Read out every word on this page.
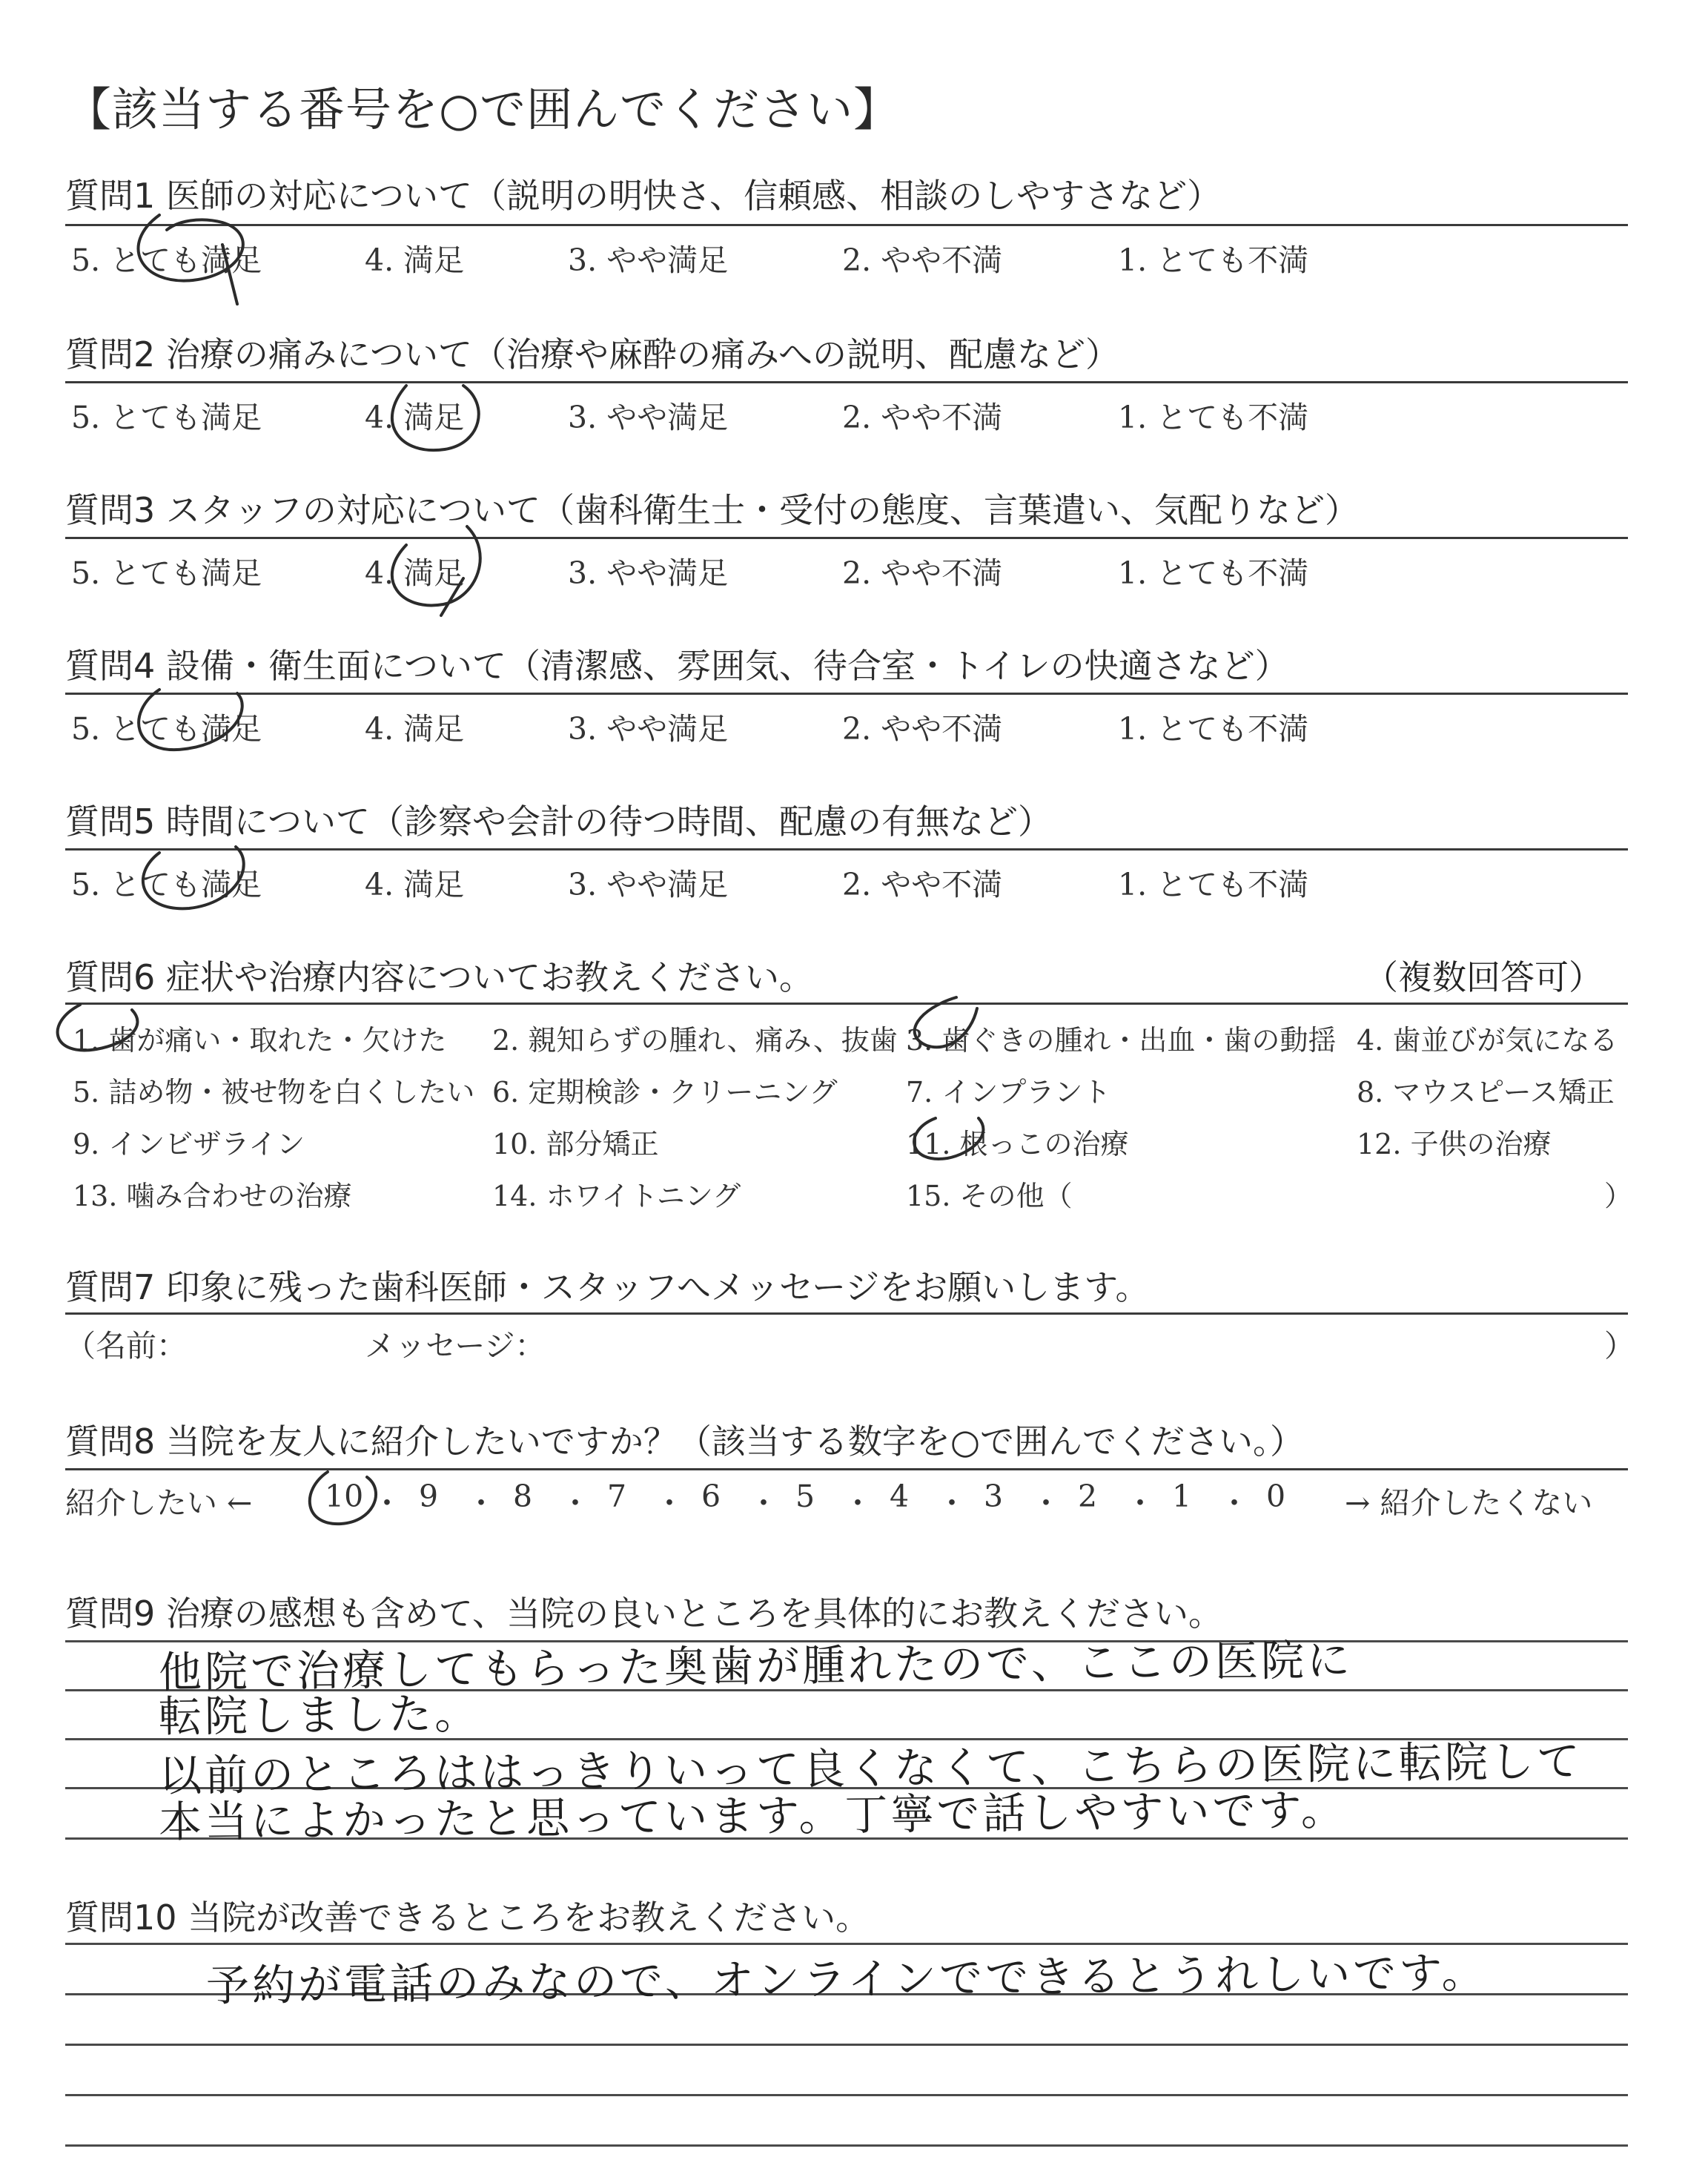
【該当する番号を○で囲んでください】
質問1 医師の対応について（説明の明快さ、信頼感、相談のしやすさなど）
5. とても満足	4. 満足	3. やや満足	2. やや不満	1. とても不満
質問2 治療の痛みについて（治療や麻酔の痛みへの説明、配慮など）
5. とても満足	4. 満足	3. やや満足	2. やや不満	1. とても不満
質問3 スタッフの対応について（歯科衛生士・受付の態度、言葉遣い、気配りなど）
5. とても満足	4. 満足	3. やや満足	2. やや不満	1. とても不満
質問4 設備・衛生面について（清潔感、雰囲気、待合室・トイレの快適さなど）
5. とても満足	4. 満足	3. やや満足	2. やや不満	1. とても不満
質問5 時間について（診察や会計の待つ時間、配慮の有無など）
5. とても満足	4. 満足	3. やや満足	2. やや不満	1. とても不満
質問6 症状や治療内容についてお教えください。	（複数回答可）
1. 歯が痛い・取れた・欠けた 2. 親知らずの腫れ、痛み、抜歯 3. 歯ぐきの腫れ・出血・歯の動揺 4. 歯並びが気になる
5. 詰め物・被せ物を白くしたい 6. 定期検診・クリーニング 7. インプラント	8. マウスピース矯正
9. インビザライン	10. 部分矯正	11. 根っこの治療	12. 子供の治療
13. 噛み合わせの治療	14. ホワイトニング	15. その他（	）
質問7 印象に残った歯科医師・スタッフへメッセージをお願いします。
（名前：	メッセージ：	）
質問8 当院を友人に紹介したいですか？（該当する数字を○で囲んでください。）
紹介したい ← 10 ・ 9 ・ 8 ・ 7 ・ 6 ・ 5 ・ 4 ・ 3 ・ 2 ・ 1 ・ 0 → 紹介したくない
質問9 治療の感想も含めて、当院の良いところを具体的にお教えください。
他院で治療してもらった奥歯が腫れたので、ここの医院に
転院しました。
以前のところははっきりいって良くなくて、こちらの医院に転院して
本当によかったと思っています。丁寧で話しやすいです。
質問10 当院が改善できるところをお教えください。
予約が電話のみなので、オンラインでできるとうれしいです。
